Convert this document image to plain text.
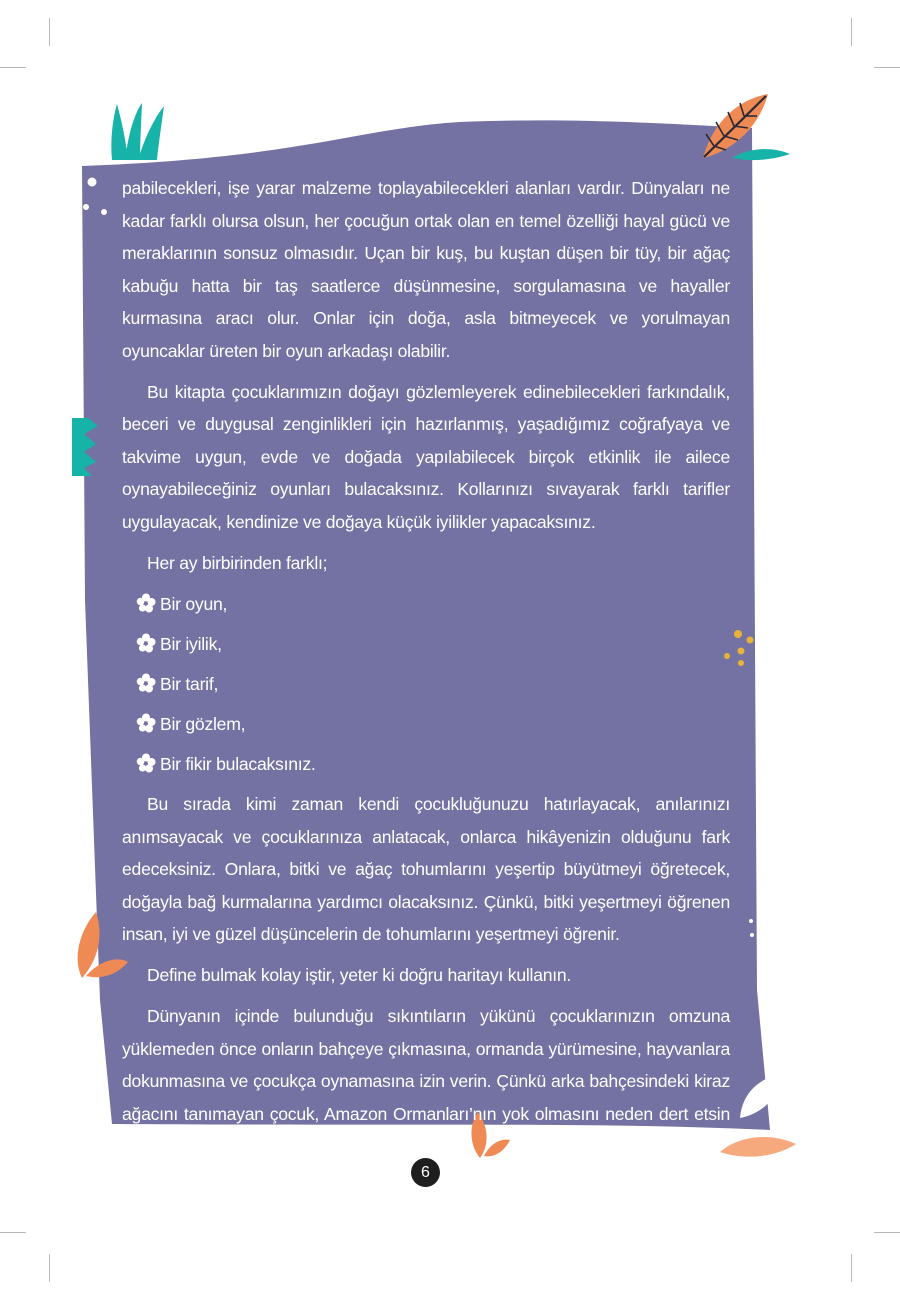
pabilecekleri, işe yarar malzeme toplayabilecekleri alanları vardır. Dünyaları ne kadar farklı olursa olsun, her çocuğun ortak olan en temel özelliği hayal gücü ve meraklarının sonsuz olmasıdır. Uçan bir kuş, bu kuştan düşen bir tüy, bir ağaç kabuğu hatta bir taş saatlerce düşünmesine, sorgulamasına ve hayaller kurmasına aracı olur. Onlar için doğa, asla bitmeyecek ve yorulmayan oyuncaklar üreten bir oyun arkadaşı olabilir.

Bu kitapta çocuklarımızın doğayı gözlemleyerek edinebilecekleri farkındalık, beceri ve duygusal zenginlikleri için hazırlanmış, yaşadığımız coğrafyaya ve takvime uygun, evde ve doğada yapılabilecek birçok etkinlik ile ailece oynayabileceğiniz oyunları bulacaksınız. Kollarınızı sıvayarak farklı tarifler uygulayacak, kendinize ve doğaya küçük iyilikler yapacaksınız.

Her ay birbirinden farklı;

Bir oyun,
Bir iyilik,
Bir tarif,
Bir gözlem,
Bir fikir bulacaksınız.

Bu sırada kimi zaman kendi çocukluğunuzu hatırlayacak, anılarınızı anımsayacak ve çocuklarınıza anlatacak, onlarca hikâyenizin olduğunu fark edeceksiniz. Onlara, bitki ve ağaç tohumlarını yeşertip büyütmeyi öğretecek, doğayla bağ kurmalarına yardımcı olacaksınız. Çünkü, bitki yeşertmeyi öğrenen insan, iyi ve güzel düşüncelerin de tohumlarını yeşertmeyi öğrenir.

Define bulmak kolay iştir, yeter ki doğru haritayı kullanın.

Dünyanın içinde bulunduğu sıkıntıların yükünü çocuklarınızın omzuna yüklemeden önce onların bahçeye çıkmasına, ormanda yürümesine, hayvanlara dokunmasına ve çocukça oynamasına izin verin. Çünkü arka bahçesindeki kiraz ağacını tanımayan çocuk, Amazon Ormanları’nın yok olmasını neden dert etsin ki?

6
